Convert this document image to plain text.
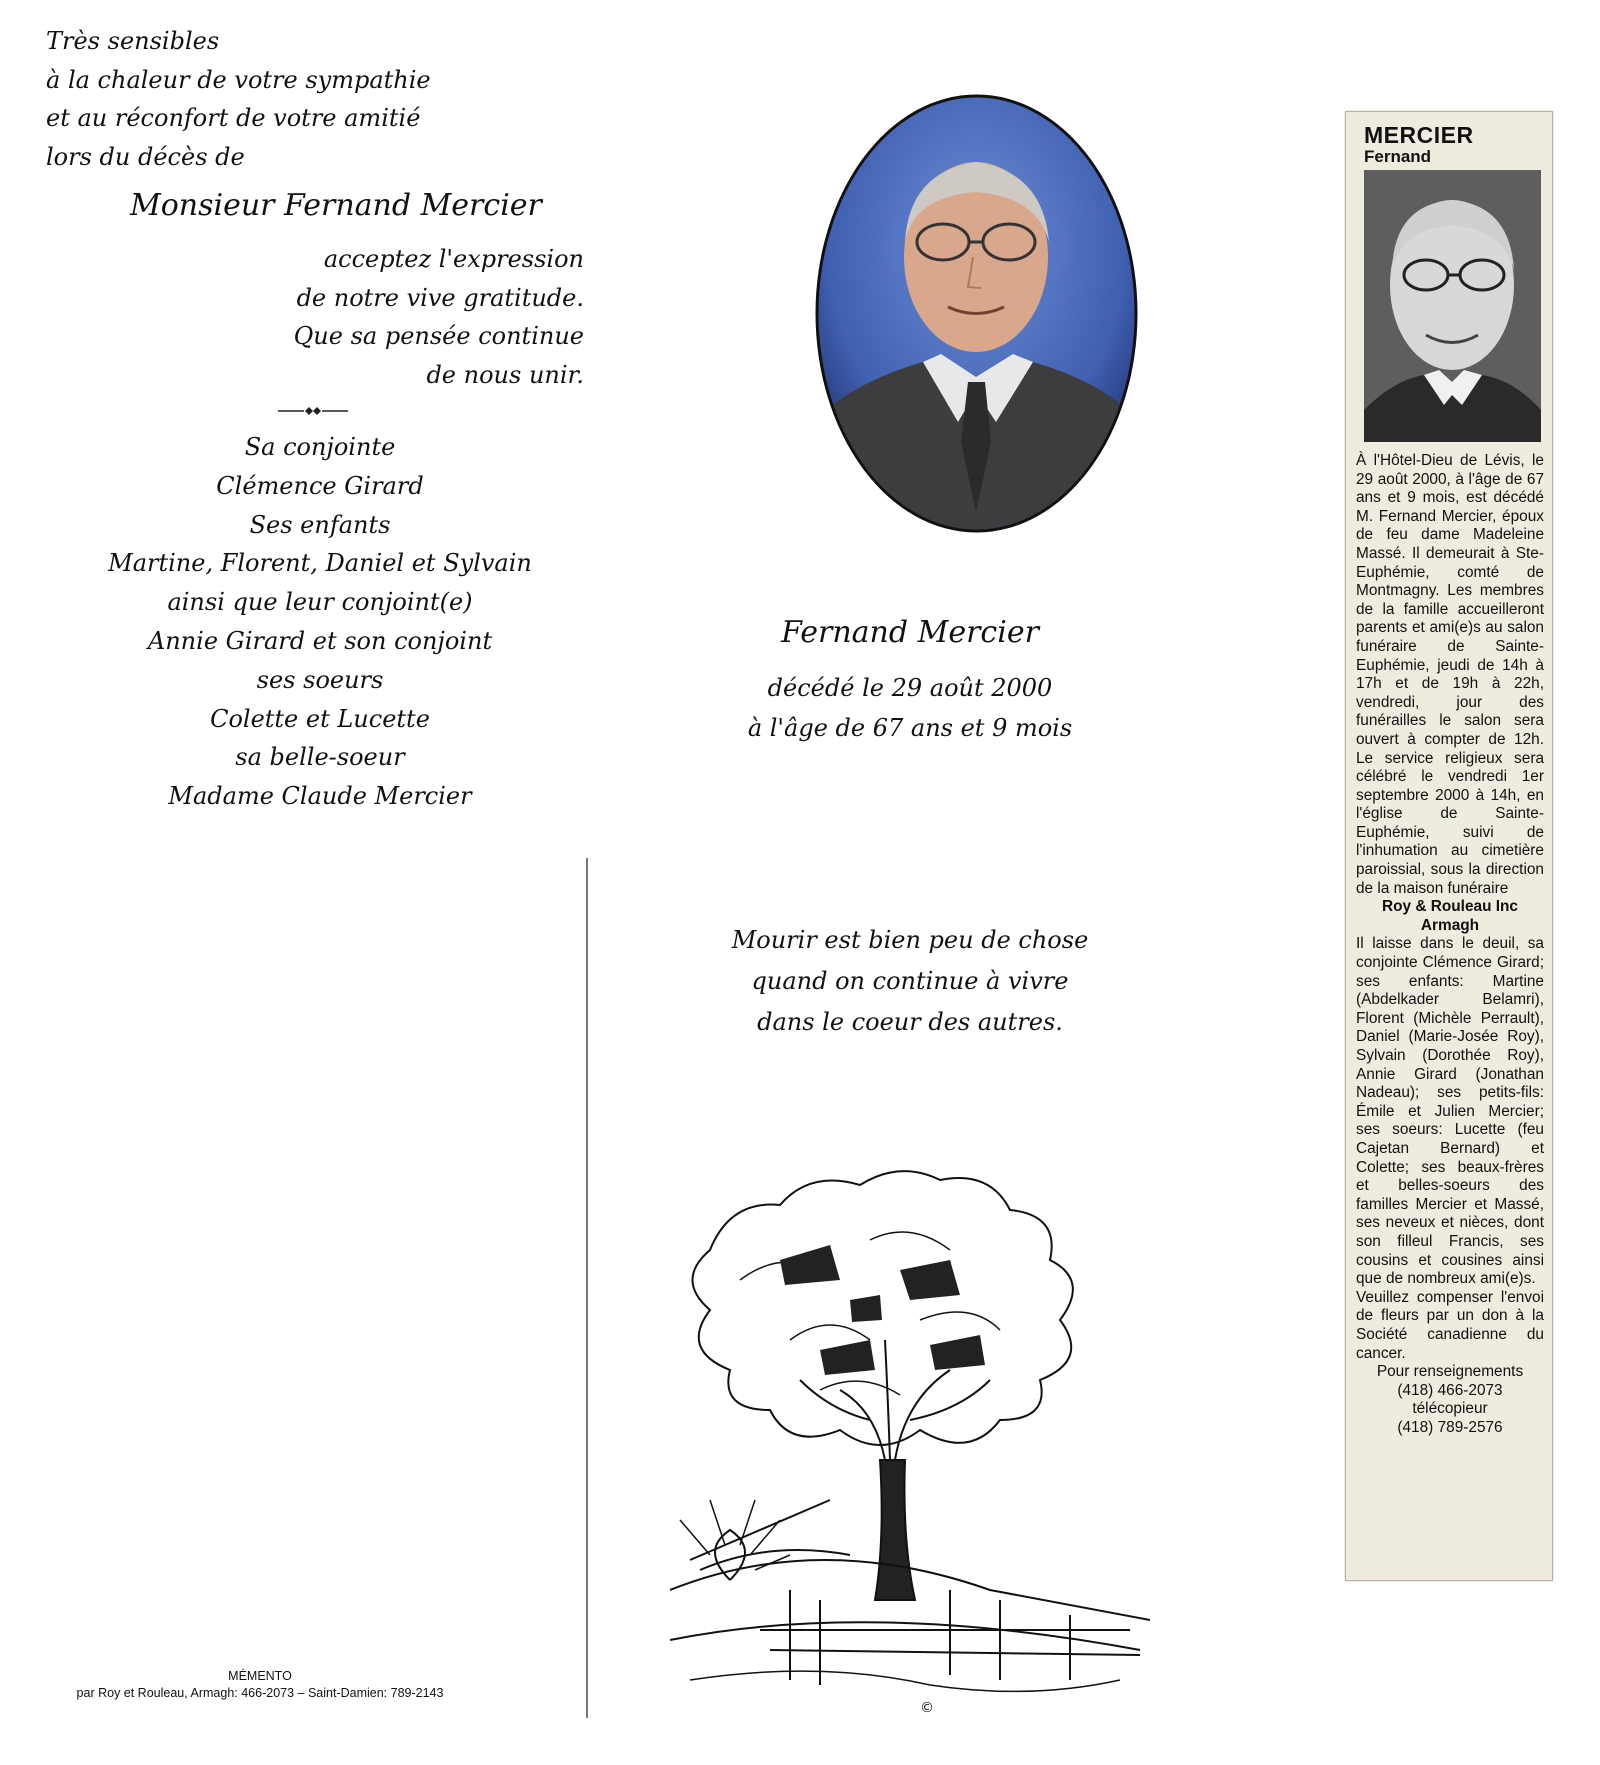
Très sensibles
à la chaleur de votre sympathie
et au réconfort de votre amitié
lors du décès de
Monsieur Fernand Mercier
acceptez l'expression
de notre vive gratitude.
Que sa pensée continue
de nous unir.
Sa conjointe
Clémence Girard
Ses enfants
Martine, Florent, Daniel et Sylvain
ainsi que leur conjoint(e)
Annie Girard et son conjoint
ses soeurs
Colette et Lucette
sa belle-soeur
Madame Claude Mercier
MÉMENTO
par Roy et Rouleau, Armagh: 466-2073 – Saint-Damien: 789-2143
Fernand Mercier
décédé le 29 août 2000
à l'âge de 67 ans et 9 mois
Mourir est bien peu de chose
quand on continue à vivre
dans le coeur des autres.
©
MERCIER
Fernand

À l'Hôtel-Dieu de Lévis, le 29 août 2000, à l'âge de 67 ans et 9 mois, est décédé M. Fernand Mercier, époux de feu dame Madeleine Massé. Il demeurait à Ste-Euphémie, comté de Montmagny. Les membres de la famille accueilleront parents et ami(e)s au salon funéraire de Sainte-Euphémie, jeudi de 14h à 17h et de 19h à 22h, vendredi, jour des funérailles le salon sera ouvert à compter de 12h. Le service religieux sera célébré le vendredi 1er septembre 2000 à 14h, en l'église de Sainte-Euphémie, suivi de l'inhumation au cimetière paroissial, sous la direction de la maison funéraire

Roy & Rouleau Inc

Armagh

Il laisse dans le deuil, sa conjointe Clémence Girard; ses enfants: Martine (Abdelkader Belamri), Florent (Michèle Perrault), Daniel (Marie-Josée Roy), Sylvain (Dorothée Roy), Annie Girard (Jonathan Nadeau); ses petits-fils: Émile et Julien Mercier; ses soeurs: Lucette (feu Cajetan Bernard) et Colette; ses beaux-frères et belles-soeurs des familles Mercier et Massé, ses neveux et nièces, dont son filleul Francis, ses cousins et cousines ainsi que de nombreux ami(e)s.

Veuillez compenser l'envoi de fleurs par un don à la Société canadienne du cancer.

Pour renseignements

(418) 466-2073

télécopieur

(418) 789-2576
